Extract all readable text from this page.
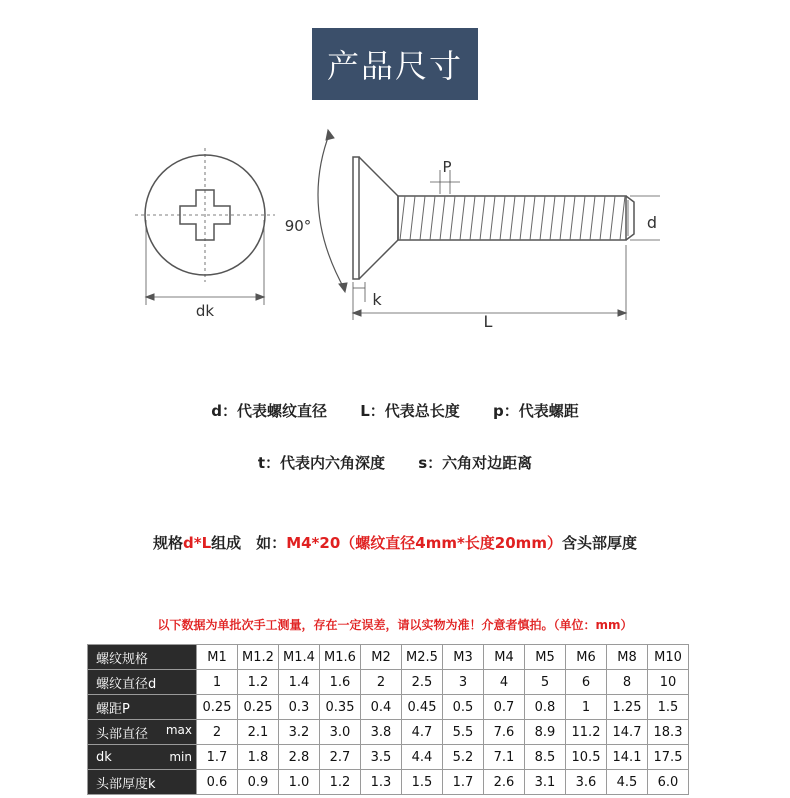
产品尺寸
dk
90°
P
d
k
L
d：代表螺纹直径 L：代表总长度 p：代表螺距
t：代表内六角深度 s：六角对边距离
规格d*L组成　如：M4*20（螺纹直径4mm*长度20mm）含头部厚度
以下数据为单批次手工测量，存在一定误差，请以实物为准！介意者慎拍。（单位：mm）
螺纹规格	M1	M1.2	M1.4	M1.6	M2	M2.5	M3	M4	M5	M6	M8	M10
螺纹直径d	1	1.2	1.4	1.6	2	2.5	3	4	5	6	8	10
螺距P	0.25	0.25	0.3	0.35	0.4	0.45	0.5	0.7	0.8	1	1.25	1.5

头部直径 max	2	2.1	3.2	3.0	3.8	4.7	5.5	7.6	8.9	11.2	14.7	18.3

dk min	1.7	1.8	2.8	2.7	3.5	4.4	5.2	7.1	8.5	10.5	14.1	17.5
头部厚度k	0.6	0.9	1.0	1.2	1.3	1.5	1.7	2.6	3.1	3.6	4.5	6.0
